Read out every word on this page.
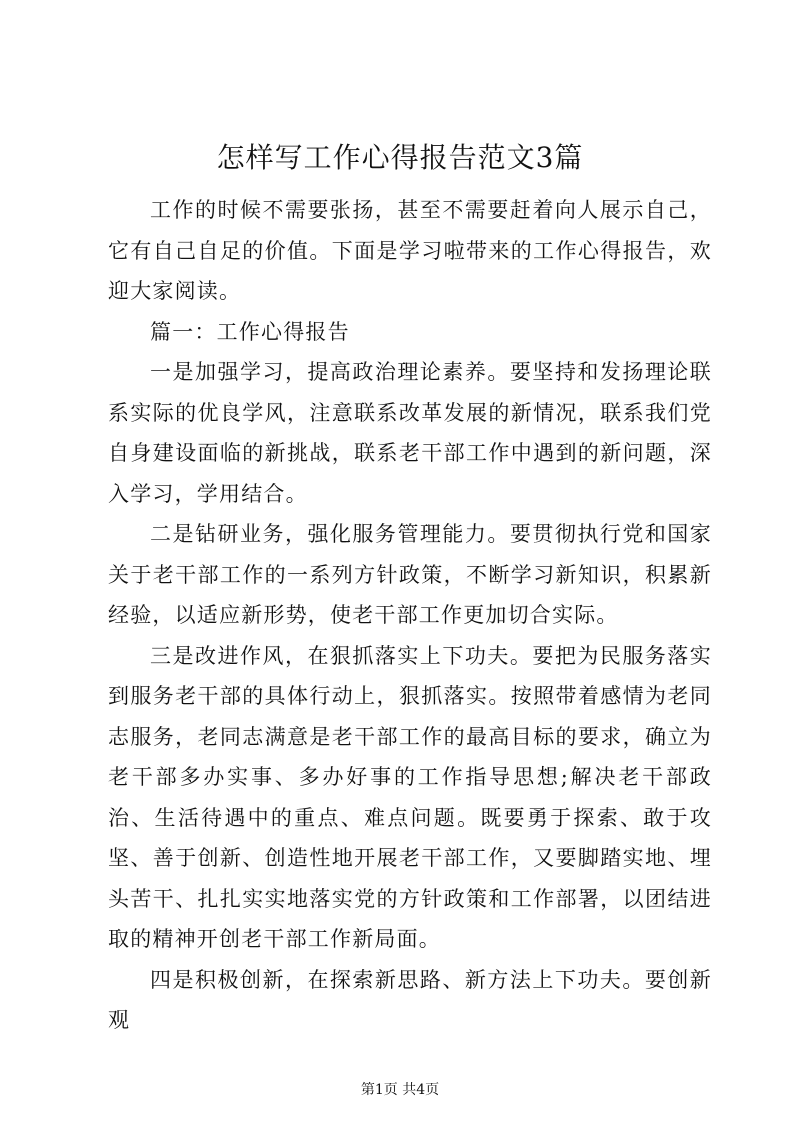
怎样写工作心得报告范文3篇

工作的时候不需要张扬，甚至不需要赶着向人展示自己，它有自己自足的价值。下面是学习啦带来的工作心得报告，欢迎大家阅读。

篇一：工作心得报告

一是加强学习，提高政治理论素养。要坚持和发扬理论联系实际的优良学风，注意联系改革发展的新情况，联系我们党自身建设面临的新挑战，联系老干部工作中遇到的新问题，深入学习，学用结合。

二是钻研业务，强化服务管理能力。要贯彻执行党和国家关于老干部工作的一系列方针政策，不断学习新知识，积累新经验，以适应新形势，使老干部工作更加切合实际。

三是改进作风，在狠抓落实上下功夫。要把为民服务落实到服务老干部的具体行动上，狠抓落实。按照带着感情为老同志服务，老同志满意是老干部工作的最高目标的要求，确立为老干部多办实事、多办好事的工作指导思想;解决老干部政治、生活待遇中的重点、难点问题。既要勇于探索、敢于攻坚、善于创新、创造性地开展老干部工作，又要脚踏实地、埋头苦干、扎扎实实地落实党的方针政策和工作部署，以团结进取的精神开创老干部工作新局面。

四是积极创新，在探索新思路、新方法上下功夫。要创新观

第1页 共4页
